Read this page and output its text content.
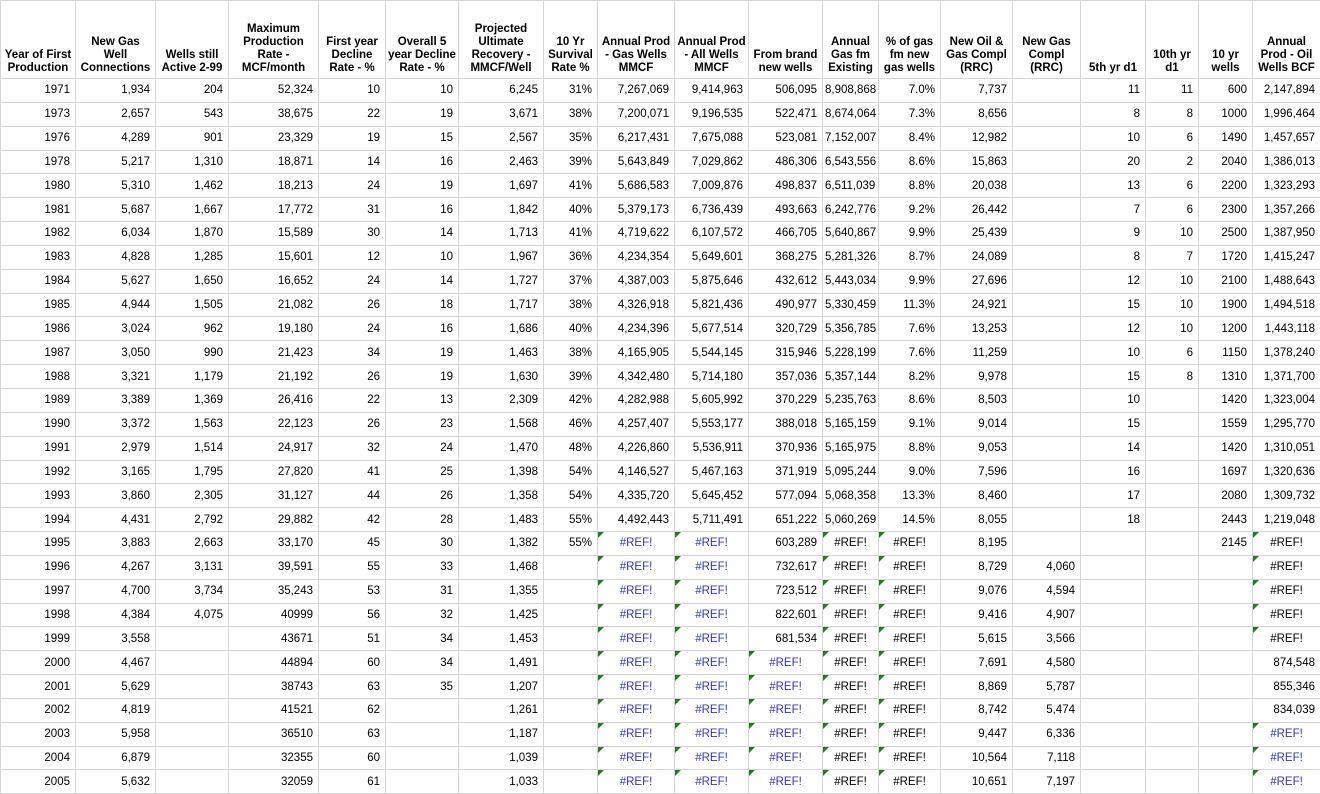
Year of First Production	New Gas Well Connections	Wells still Active 2-99	Maximum Production Rate - MCF/month	First year Decline Rate - %	Overall 5 year Decline Rate - %	Projected Ultimate Recovery - MMCF/Well	10 Yr Survival Rate %	Annual Prod - Gas Wells MMCF	Annual Prod - All Wells MMCF	From brand new wells	Annual Gas fm Existing	% of gas fm new gas wells	New Oil & Gas Compl (RRC)	New Gas Compl (RRC)	5th yr d1	10th yr d1	10 yr wells	Annual Prod - Oil Wells BCF
1971	1,934	204	52,324	10	10	6,245	31%	7,267,069	9,414,963	506,095	8,908,868	7.0%	7,737		11	11	600	2,147,894
1973	2,657	543	38,675	22	19	3,671	38%	7,200,071	9,196,535	522,471	8,674,064	7.3%	8,656		8	8	1000	1,996,464
1976	4,289	901	23,329	19	15	2,567	35%	6,217,431	7,675,088	523,081	7,152,007	8.4%	12,982		10	6	1490	1,457,657
1978	5,217	1,310	18,871	14	16	2,463	39%	5,643,849	7,029,862	486,306	6,543,556	8.6%	15,863		20	2	2040	1,386,013
1980	5,310	1,462	18,213	24	19	1,697	41%	5,686,583	7,009,876	498,837	6,511,039	8.8%	20,038		13	6	2200	1,323,293
1981	5,687	1,667	17,772	31	16	1,842	40%	5,379,173	6,736,439	493,663	6,242,776	9.2%	26,442		7	6	2300	1,357,266
1982	6,034	1,870	15,589	30	14	1,713	41%	4,719,622	6,107,572	466,705	5,640,867	9.9%	25,439		9	10	2500	1,387,950
1983	4,828	1,285	15,601	12	10	1,967	36%	4,234,354	5,649,601	368,275	5,281,326	8.7%	24,089		8	7	1720	1,415,247
1984	5,627	1,650	16,652	24	14	1,727	37%	4,387,003	5,875,646	432,612	5,443,034	9.9%	27,696		12	10	2100	1,488,643
1985	4,944	1,505	21,082	26	18	1,717	38%	4,326,918	5,821,436	490,977	5,330,459	11.3%	24,921		15	10	1900	1,494,518
1986	3,024	962	19,180	24	16	1,686	40%	4,234,396	5,677,514	320,729	5,356,785	7.6%	13,253		12	10	1200	1,443,118
1987	3,050	990	21,423	34	19	1,463	38%	4,165,905	5,544,145	315,946	5,228,199	7.6%	11,259		10	6	1150	1,378,240
1988	3,321	1,179	21,192	26	19	1,630	39%	4,342,480	5,714,180	357,036	5,357,144	8.2%	9,978		15	8	1310	1,371,700
1989	3,389	1,369	26,416	22	13	2,309	42%	4,282,988	5,605,992	370,229	5,235,763	8.6%	8,503		10		1420	1,323,004
1990	3,372	1,563	22,123	26	23	1,568	46%	4,257,407	5,553,177	388,018	5,165,159	9.1%	9,014		15		1559	1,295,770
1991	2,979	1,514	24,917	32	24	1,470	48%	4,226,860	5,536,911	370,936	5,165,975	8.8%	9,053		14		1420	1,310,051
1992	3,165	1,795	27,820	41	25	1,398	54%	4,146,527	5,467,163	371,919	5,095,244	9.0%	7,596		16		1697	1,320,636
1993	3,860	2,305	31,127	44	26	1,358	54%	4,335,720	5,645,452	577,094	5,068,358	13.3%	8,460		17		2080	1,309,732
1994	4,431	2,792	29,882	42	28	1,483	55%	4,492,443	5,711,491	651,222	5,060,269	14.5%	8,055		18		2443	1,219,048
1995	3,883	2,663	33,170	45	30	1,382	55%	#REF!	#REF!	603,289	#REF!	#REF!	8,195				2145	#REF!
1996	4,267	3,131	39,591	55	33	1,468		#REF!	#REF!	732,617	#REF!	#REF!	8,729	4,060				#REF!
1997	4,700	3,734	35,243	53	31	1,355		#REF!	#REF!	723,512	#REF!	#REF!	9,076	4,594				#REF!
1998	4,384	4,075	40999	56	32	1,425		#REF!	#REF!	822,601	#REF!	#REF!	9,416	4,907				#REF!
1999	3,558		43671	51	34	1,453		#REF!	#REF!	681,534	#REF!	#REF!	5,615	3,566				#REF!
2000	4,467		44894	60	34	1,491		#REF!	#REF!	#REF!	#REF!	#REF!	7,691	4,580				874,548
2001	5,629		38743	63	35	1,207		#REF!	#REF!	#REF!	#REF!	#REF!	8,869	5,787				855,346
2002	4,819		41521	62		1,261		#REF!	#REF!	#REF!	#REF!	#REF!	8,742	5,474				834,039
2003	5,958		36510	63		1,187		#REF!	#REF!	#REF!	#REF!	#REF!	9,447	6,336				#REF!
2004	6,879		32355	60		1,039		#REF!	#REF!	#REF!	#REF!	#REF!	10,564	7,118				#REF!
2005	5,632		32059	61		1,033		#REF!	#REF!	#REF!	#REF!	#REF!	10,651	7,197				#REF!
